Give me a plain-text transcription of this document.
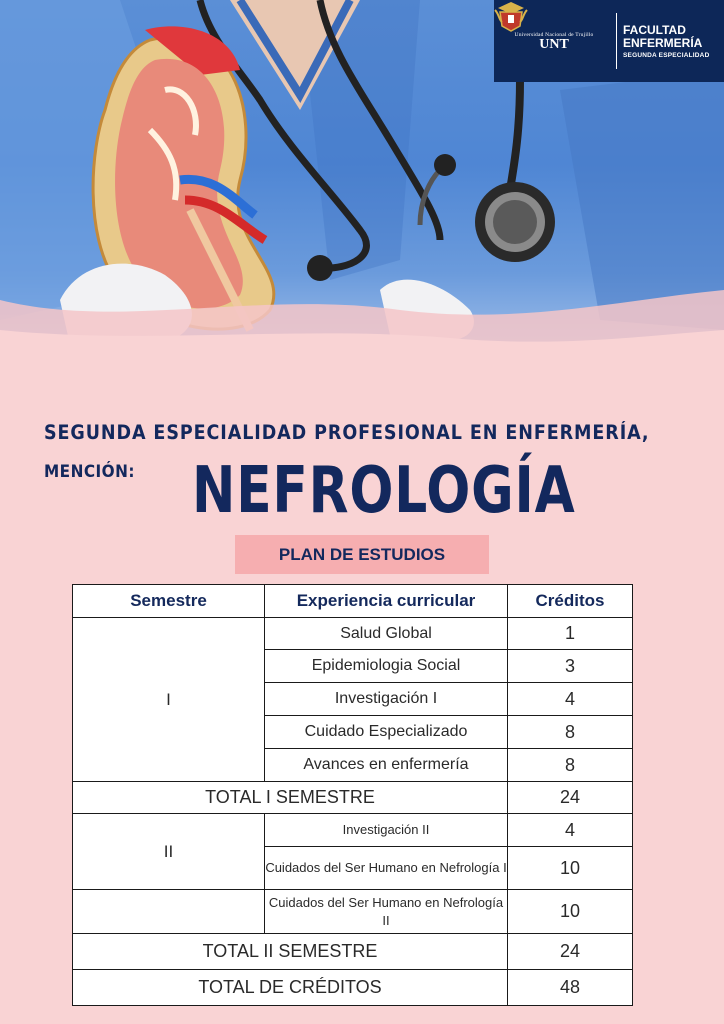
Universidad Nacional de Trujillo
UNT
FACULTAD
ENFERMERÍA
SEGUNDA ESPECIALIDAD
SEGUNDA ESPECIALIDAD PROFESIONAL EN ENFERMERÍA,
MENCIÓN: NEFROLOGÍA
PLAN DE ESTUDIOS
Semestre	Experiencia curricular	Créditos
I	Salud Global	1
	Epidemiologia Social	3
	Investigación I	4
	Cuidado Especializado	8
	Avances en enfermería	8
TOTAL I SEMESTRE		24
II	Investigación II	4
	Cuidados del Ser Humano en Nefrología I	10
	Cuidados del Ser Humano en Nefrología II	10
TOTAL II SEMESTRE		24
TOTAL DE CRÉDITOS		48
